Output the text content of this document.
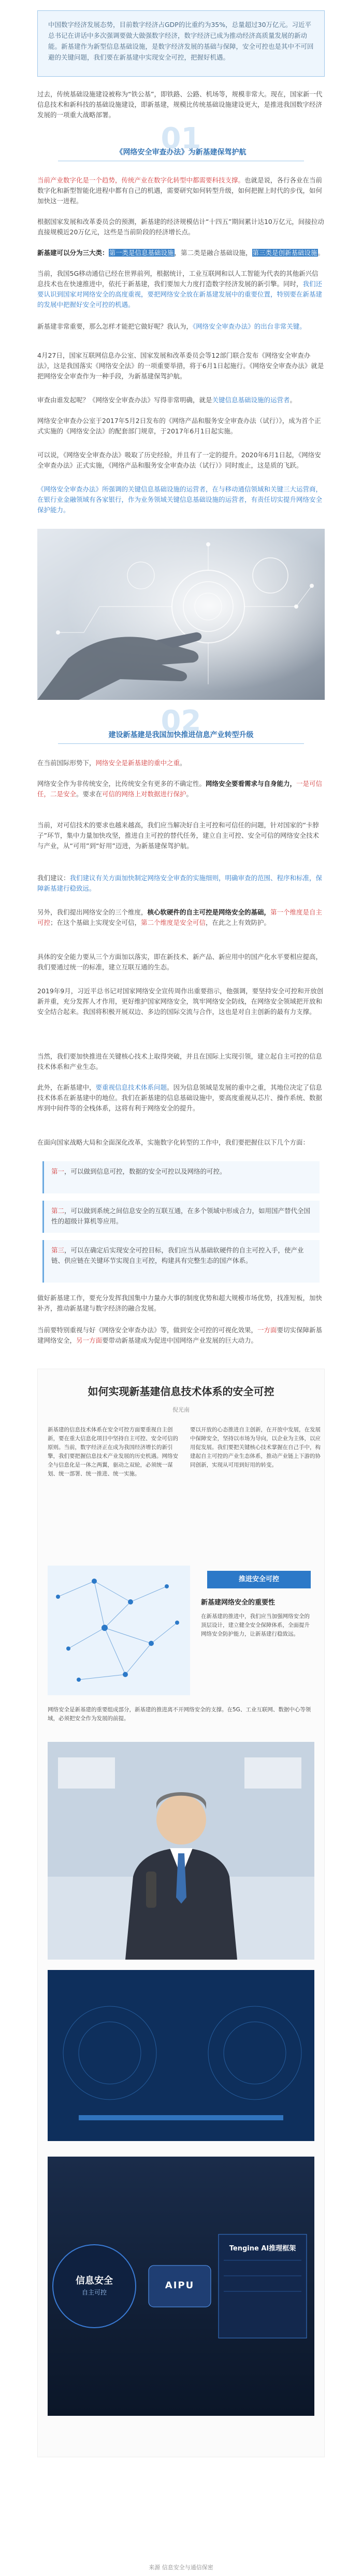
中国数字经济发展态势，目前数字经济占GDP的比重约为35%，总量超过30万亿元。习近平总书记在讲话中多次强调要做大做强数字经济，数字经济已成为推动经济高质量发展的新动能。新基建作为新型信息基础设施，是数字经济发展的基础与保障，安全可控也是其中不可回避的关键问题，我们要在新基建中实现安全可控，把握好机遇。

过去，传统基础设施建设被称为“铁公基”，即铁路、公路、机场等，规模非常大。现在，国家新一代信息技术和新科技的基础设施建设，即新基建，规模比传统基础设施建设更大，是推进我国数字经济发展的一项重大战略部署。

01
《网络安全审查办法》为新基建保驾护航

当前产业数字化是一个趋势，传统产业在数字化转型中都需要科技支撑。也就是说，各行各业在当前数字化和新型智能化进程中都有自己的机遇，需要研究如何转型升级，如何把握上时代的步伐，如何加快这一进程。

根据国家发展和改革委员会的预测，新基建的经济规模估计“十四五”期间累计达10万亿元，间接拉动直接规模近20万亿元，这些是当前阶段的经济增长点。

新基建可以分为三大类：第一类是信息基础设施，第二类是融合基础设施，第三类是创新基础设施。

当前，我国5G移动通信已经在世界前列，根据统计，工业互联网和以人工智能为代表的其他新兴信息技术也在快速推进中，依托于新基建，我们要加大力度打造数字经济发展的新引擎。同时，我们还要认识到国家对网络安全的高度重视，要把网络安全放在新基建发展中的重要位置，特别要在新基建的发展中把握好安全可控的机遇。

新基建非常重要，那么怎样才能把它做好呢？我认为，《网络安全审查办法》的出台非常关键。

4月27日，国家互联网信息办公室、国家发展和改革委员会等12部门联合发布《网络安全审查办法》，这是我国落实《网络安全法》的一项重要举措，将于6月1日起施行。《网络安全审查办法》就是把网络安全审查作为一种手段，为新基建保驾护航。

审查由谁发起呢？《网络安全审查办法》写得非常明确，就是关键信息基础设施的运营者。

网络安全审查办公室于2017年5月2日发布的《网络产品和服务安全审查办法（试行）》，成为首个正式实施的《网络安全法》的配套部门规章，于2017年6月1日起实施。

可以说，《网络安全审查办法》吸取了历史经验，并且有了一定的提升。2020年6月1日起，《网络安全审查办法》正式实施，《网络产品和服务安全审查办法（试行）》同时废止，这是质的飞跃。

《网络安全审查办法》所强调的关键信息基础设施的运营者，在与移动通信领域和关键三大运营商，在银行业金融领域有各家银行，作为业务领域关键信息基础设施的运营者，有责任切实提升网络安全保护能力。

02
建设新基建是我国加快推进信息产业转型升级

在当前国际形势下，网络安全是新基建的重中之重。

网络安全作为非传统安全，比传统安全有更多的不确定性。网络安全要看需求与自身能力，一是可信任，二是安全。要求在可信的网络上对数据进行保护。

当前，对可信技术的要求也越来越高，我们应当解决好自主可控和可信任的问题，针对国家的“卡脖子”环节，集中力量加快攻坚，推进自主可控的替代任务，建立自主可控、安全可信的网络安全技术与产业，从“可用”到“好用”迈进，为新基建保驾护航。

我们建议：我们建议有关方面加快制定网络安全审查的实施细则，明确审查的范围、程序和标准，保障新基建行稳致远。

另外，我们提出网络安全的三个维度，核心软硬件的自主可控是网络安全的基础，第一个维度是自主可控；在这个基础上实现安全可信，第二个维度是安全可信，在此之上有效防护。

具体的安全能力要从三个方面加以落实，即在新技术、新产品、新应用中的国产化水平要相应提高，我们要通过统一的标准，建立互联互通的生态。

2019年9月，习近平总书记对国家网络安全宣传周作出重要指示，他强调，要坚持安全可控和开放创新并重，充分发挥人才作用，更好维护国家网络安全，筑牢网络安全防线，在网络安全领域把开放和安全结合起来。我国将积极开展双边、多边的国际交流与合作，这也是对自主创新的最有力支撑。

当然，我们要加快推进在关键核心技术上取得突破，并且在国际上实现引领，建立起自主可控的信息技术体系和产业生态。

此外，在新基建中，要重视信息技术体系问题。因为信息领域是发展的重中之重，其地位决定了信息技术体系在新基建中的地位。我们在新基建的信息基础设施中，要高度重视从芯片、操作系统、数据库到中间件等的全栈体系，这将有利于网络安全的提升。

在面向国家战略大局和全面深化改革，实施数字化转型的工作中，我们要把握住以下几个方面：

第一，可以做到信息可控，数据的安全可控以及网络的可控。
第二，可以做到系统之间信息安全的互联互通，在多个领域中形成合力，如用国产替代全国性的超级计算机等应用。
第三，可以在确定后实现安全可控目标，我们应当从基础软硬件的自主可控入手，使产业链、供应链在关键环节实现自主可控，构建具有完整生态的国产体系。

做好新基建工作，要充分发挥我国集中力量办大事的制度优势和超大规模市场优势，找准短板，加快补齐，推动新基建与数字经济的融合发展。

当前要特别重视与好《网络安全审查办法》等，做到安全可控的可视化效果，一方面要切实保障新基建网络安全，另一方面要带动新基建成为促进中国网络产业发展的巨大动力。

如何实现新基建信息技术体系的安全可控
倪光南

新基建的信息技术体系在安全可控方面要重视自主创新，要在重大信息化项目中坚持自主可控、安全可信的原则。当前，数字经济正在成为我国经济增长的新引擎，我们要把握信息技术产业发展的历史机遇。网络安全与信息化是一体之两翼，驱动之双轮，必须统一谋划、统一部署、统一推进、统一实施。

要以开放的心态推进自主创新，在开放中发展，在发展中保障安全，坚持以市场为导向，以企业为主体，以应用促发展。我们要把关键核心技术掌握在自己手中，构建起自主可控的产业生态体系，推动产业链上下游的协同创新，实现从可用到好用的转变。

推进安全可控
新基建网络安全的重要性

在新基建的推进中，我们应当加强网络安全的顶层设计，建立健全安全保障体系，全面提升网络安全防护能力，让新基建行稳致远。

网络安全是新基建的重要组成部分，新基建的推进离不开网络安全的支撑。在5G、工业互联网、数据中心等领域，必须把安全作为发展的前提。

信息安全
自主可控
AIPU
Tengine AI推理框架
来源 信息安全与通信保密
